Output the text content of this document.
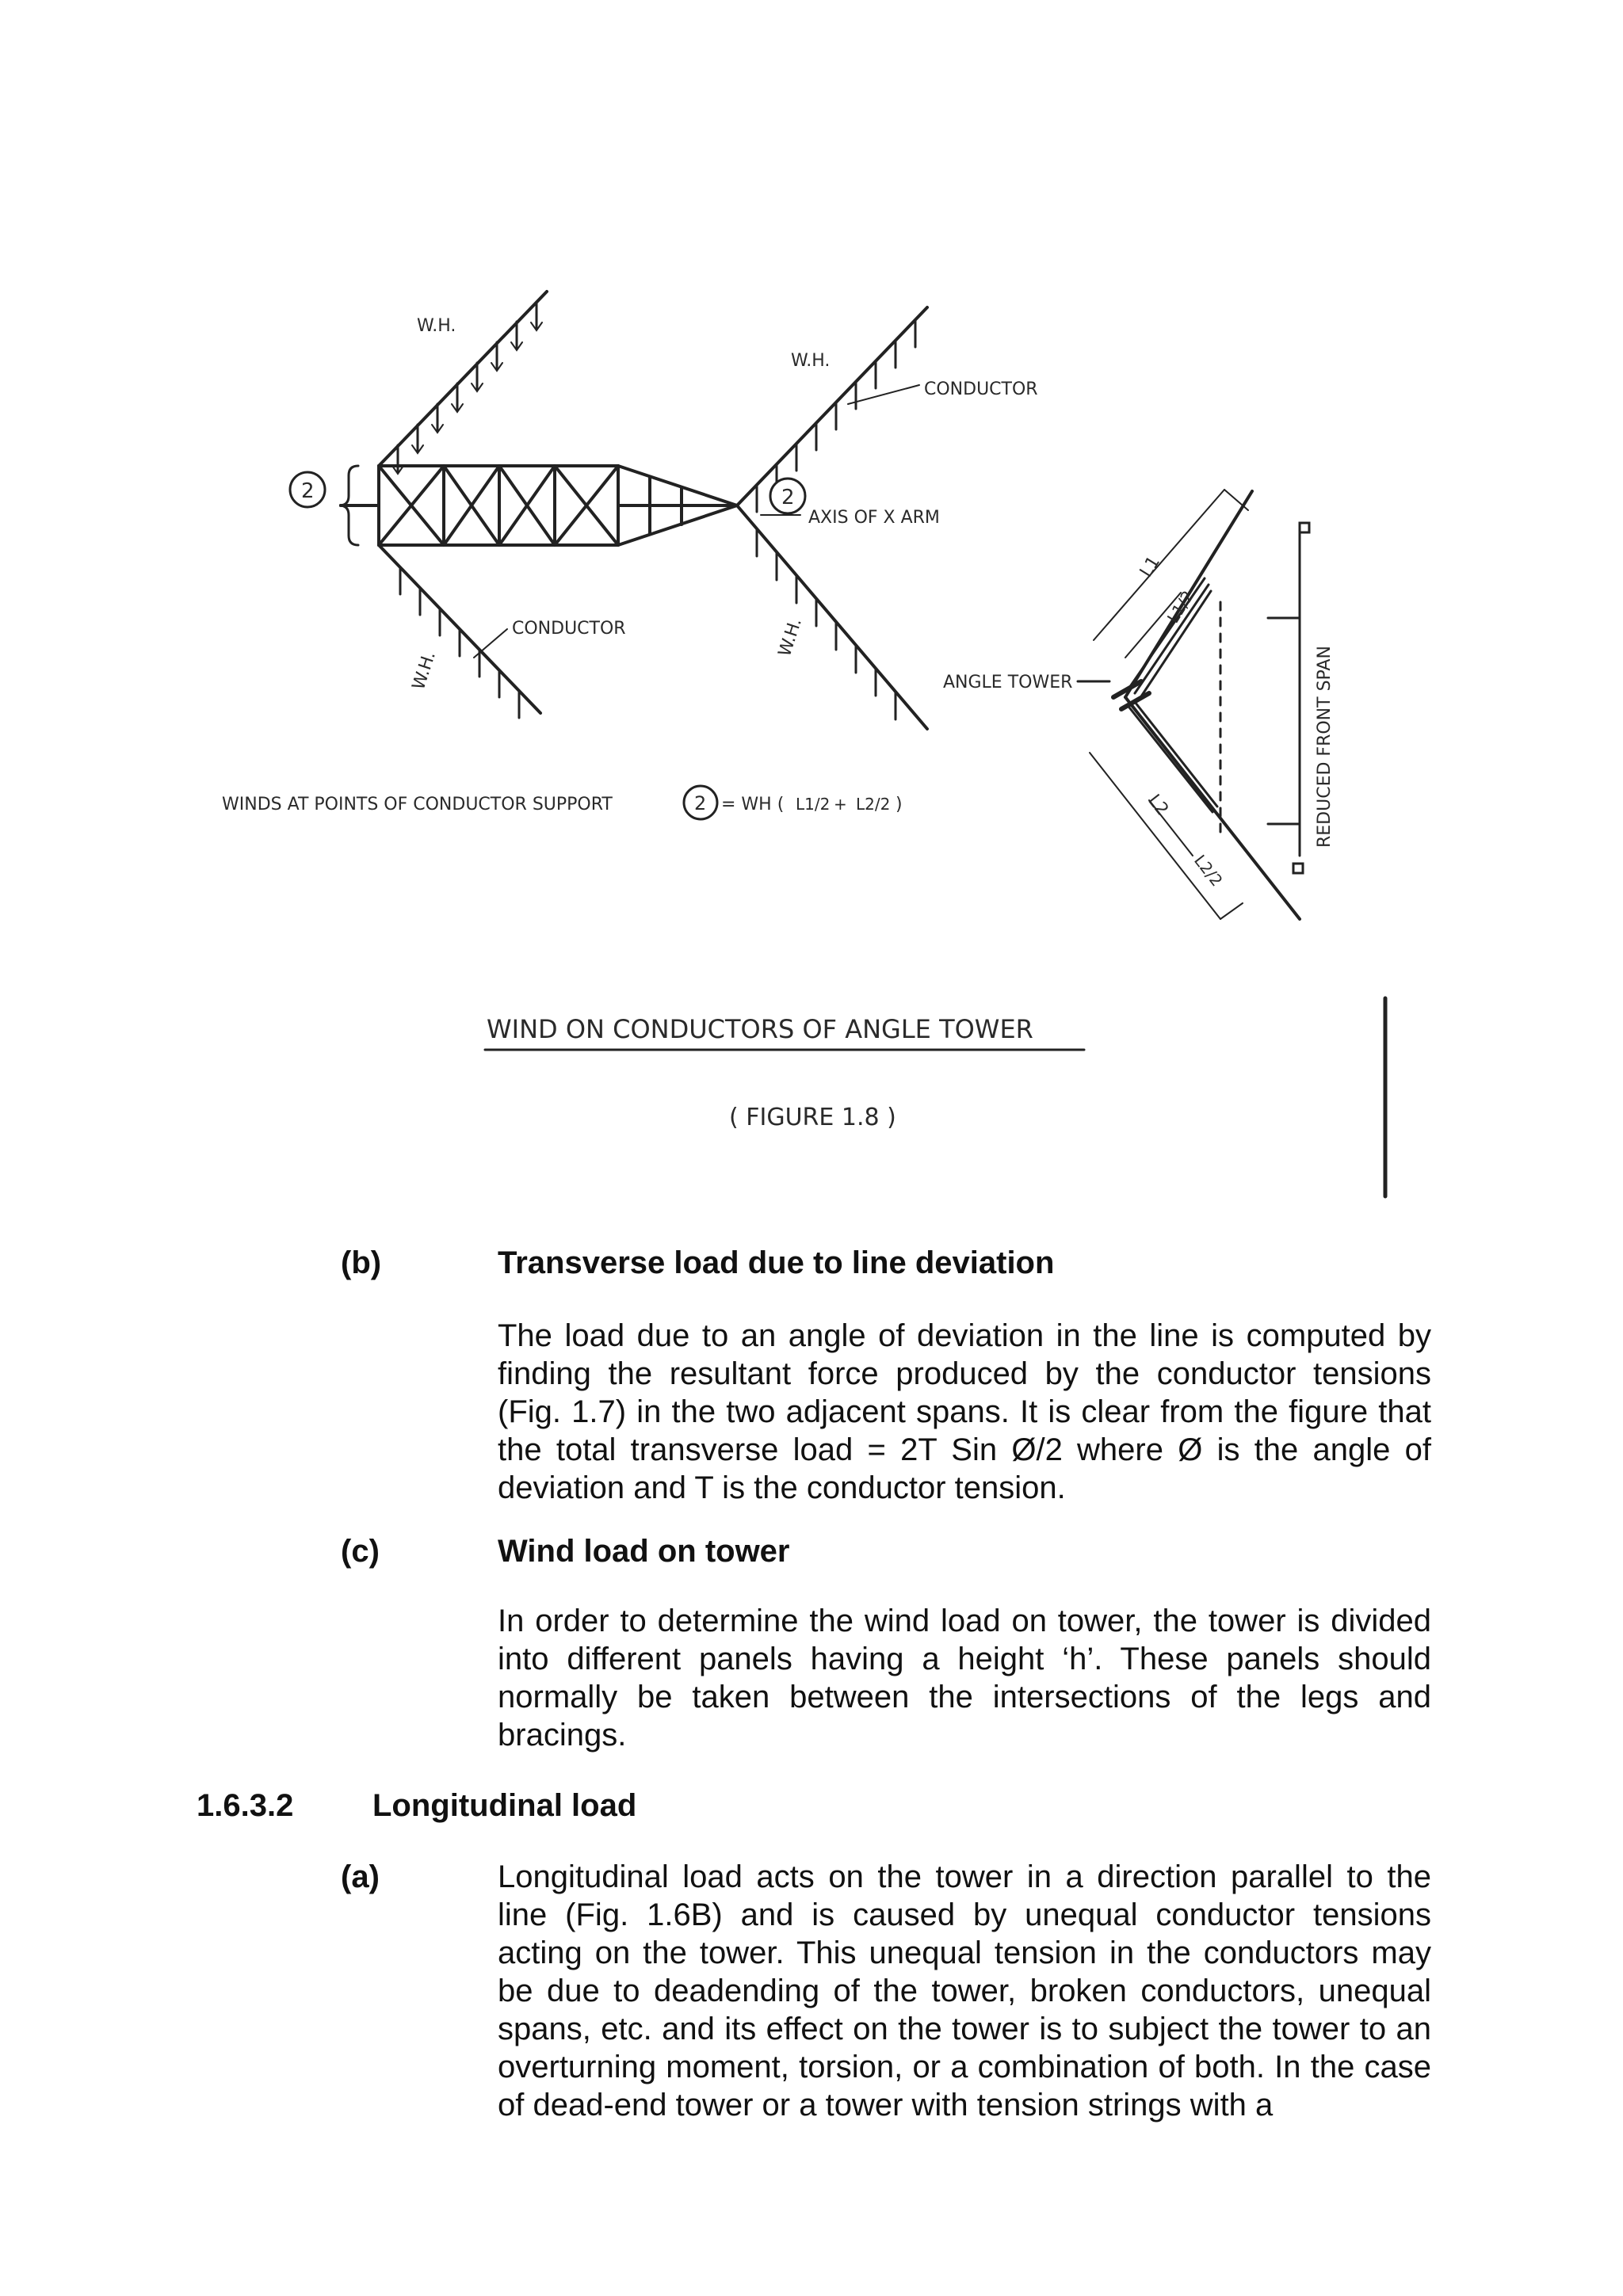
2	2
2
W.H.
W.H.
CONDUCTOR
AXIS OF X ARM
CONDUCTOR
W.H.
W.H.
ANGLE TOWER	REDUCED FRONT SPAN
L1
L1/2
L2
L2/2
WINDS AT POINTS OF CONDUCTOR SUPPORT	= WH ( L1/2 + L2/2 )
WIND ON CONDUCTORS OF ANGLE TOWER
( FIGURE 1.8 )
(b)	Transverse load due to line deviation

The load due to an angle of deviation in the line is computed by finding the resultant force produced by the conductor tensions (Fig. 1.7) in the two adjacent spans. It is clear from the figure that the total transverse load = 2T Sin Ø/2 where Ø is the angle of deviation and T is the conductor tension.

(c)	Wind load on tower

In order to determine the wind load on tower, the tower is divided into different panels having a height ‘h’. These panels should normally be taken between the intersections of the legs and bracings.

1.6.3.2 Longitudinal load
(a)	Longitudinal load acts on the tower in a direction parallel to the line (Fig. 1.6B) and is caused by unequal conductor tensions acting on the tower. This unequal tension in the conductors may be due to deadending of the tower, broken conductors, unequal spans, etc. and its effect on the tower is to subject the tower to an overturning moment, torsion, or a combination of both. In the case of dead-end tower or a tower with tension strings with a
